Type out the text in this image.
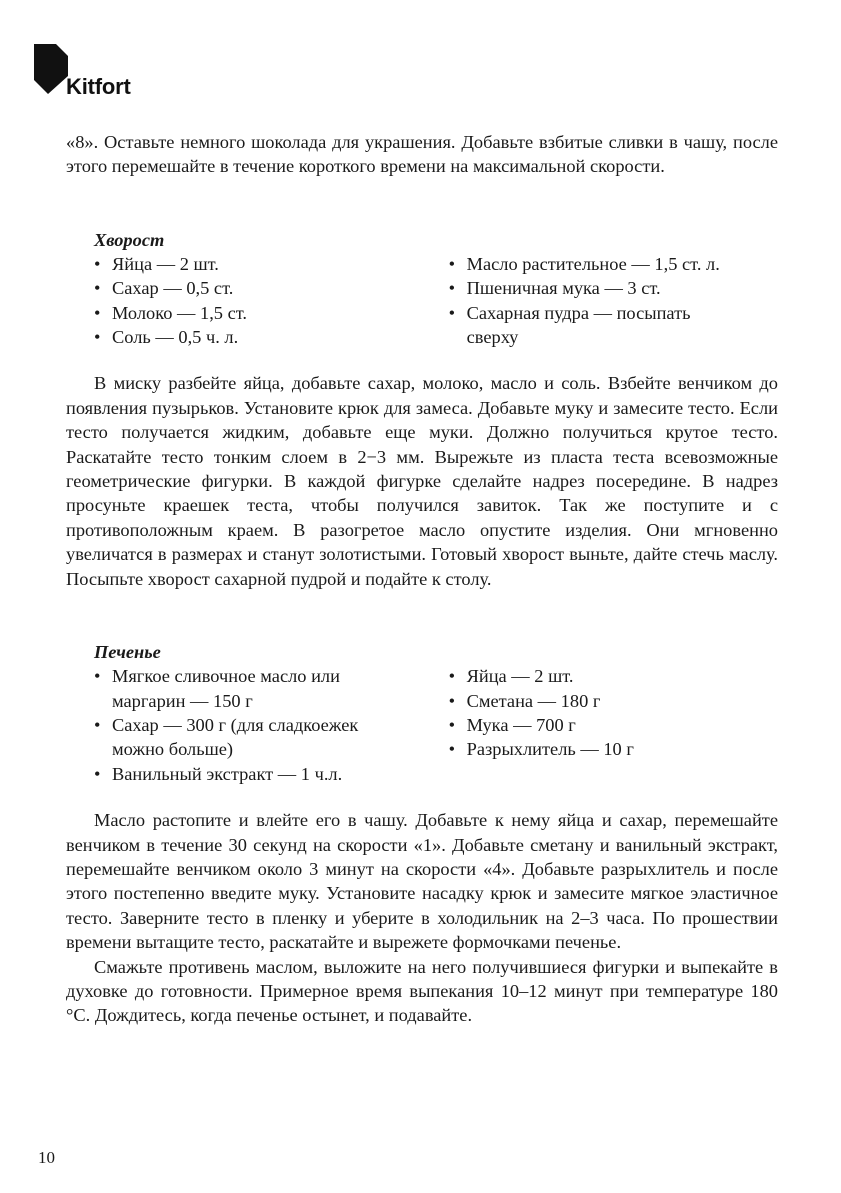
Kitfort

«8». Оставьте немного шоколада для украшения. Добавьте взбитые сливки в чашу, после этого перемешайте в течение короткого времени на максимальной скорости.

Хворост
• Яйца — 2 шт.
• Сахар — 0,5 ст.
• Молоко — 1,5 ст.
• Соль — 0,5 ч. л.
• Масло растительное — 1,5 ст. л.
• Пшеничная мука — 3 ст.
• Сахарная пудра — посыпать сверху

В миску разбейте яйца, добавьте сахар, молоко, масло и соль. Взбейте венчиком до появления пузырьков. Установите крюк для замеса. Добавьте муку и замесите тесто. Если тесто получается жидким, добавьте еще муки. Должно получиться крутое тесто. Раскатайте тесто тонким слоем в 2−3 мм. Вырежьте из пласта теста всевозможные геометрические фигурки. В каждой фигурке сделайте надрез посередине. В надрез просуньте краешек теста, чтобы получился завиток. Так же поступите и с противоположным краем. В разогретое масло опустите изделия. Они мгновенно увеличатся в размерах и станут золотистыми. Готовый хворост выньте, дайте стечь маслу. Посыпьте хворост сахарной пудрой и подайте к столу.

Печенье
• Мягкое сливочное масло или маргарин — 150 г
• Сахар — 300 г (для сладкоежек можно больше)
• Ванильный экстракт — 1 ч.л.
• Яйца — 2 шт.
• Сметана — 180 г
• Мука — 700 г
• Разрыхлитель — 10 г

Масло растопите и влейте его в чашу. Добавьте к нему яйца и сахар, перемешайте венчиком в течение 30 секунд на скорости «1». Добавьте сметану и ванильный экстракт, перемешайте венчиком около 3 минут на скорости «4». Добавьте разрыхлитель и после этого постепенно введите муку. Установите насадку крюк и замесите мягкое эластичное тесто. Заверните тесто в пленку и уберите в холодильник на 2–3 часа. По прошествии времени вытащите тесто, раскатайте и вырежете формочками печенье.

Смажьте противень маслом, выложите на него получившиеся фигурки и выпекайте в духовке до готовности. Примерное время выпекания 10–12 минут при температуре 180 °С. Дождитесь, когда печенье остынет, и подавайте.

10
